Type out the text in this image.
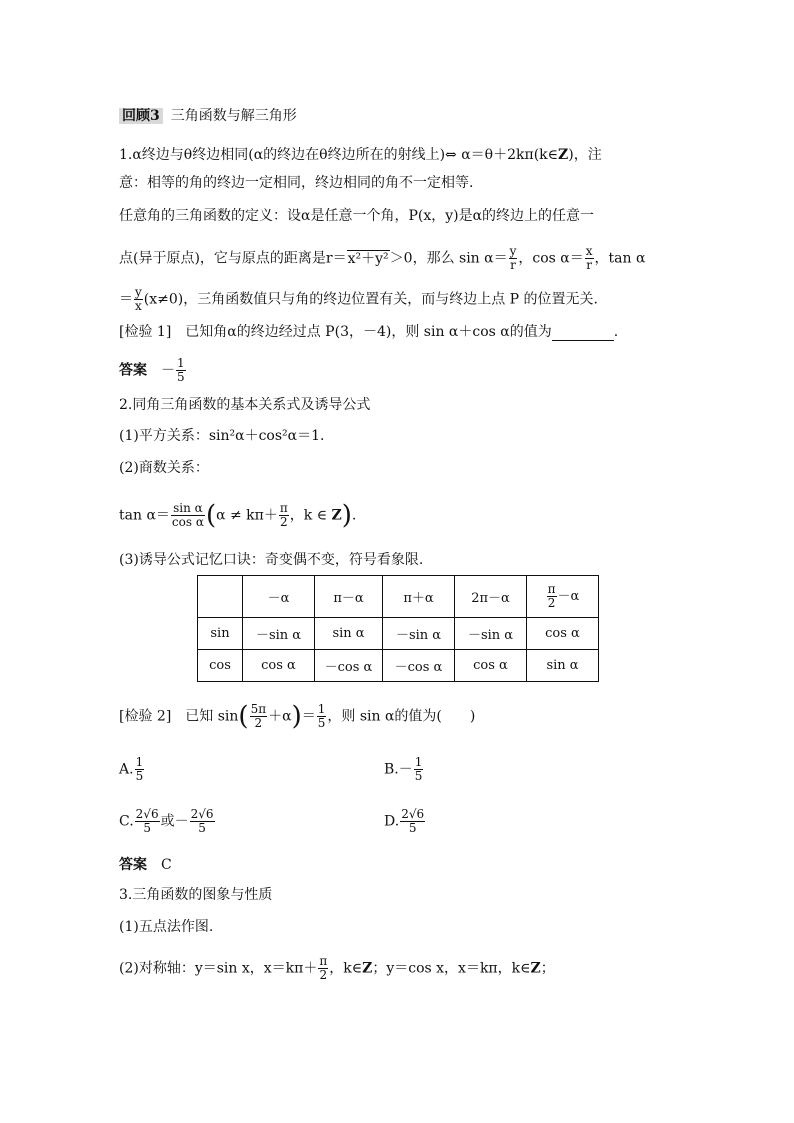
回顾3 三角函数与解三角形
1.α终边与θ终边相同(α的终边在θ终边所在的射线上)⇔ α＝θ＋2kπ(k∈Z)，注
意：相等的角的终边一定相同，终边相同的角不一定相等.
任意角的三角函数的定义：设α是任意一个角，P(x，y)是α的终边上的任意一
点(异于原点)，它与原点的距离是r＝x²＋y²＞0，那么 $\sin \alpha= \frac{y}{r}$ ，$\cos \alpha= \frac{x}{r}$ ，tan α
＝ $\frac{y}{x} (x\ne 0)$，三角函数值只与角的终边位置有关，而与终边上点 P 的位置无关.
[检验 1]　已知角α的终边经过点 P(3，－4)，则 sin α＋cos α的值为	.
答案　 － $\frac{1}{5}$
2.同角三角函数的基本关系式及诱导公式
(1)平方关系：sin²α＋cos²α＝1.
(2)商数关系：
$\tan \alpha= \frac{\text{sin α}}{\text{cos α}} (\alpha \ne k\pi+ \frac{\pi}{2}$ ，k ∈ Z).
(3)诱导公式记忆口诀：奇变偶不变，符号看象限.
	－α	π－α	π＋α	2π－α	$\frac{\pi}{2} -\alpha$
sin	－sin α	sin α	－sin α	－sin α	cos α
cos	cos α	－cos α	－cos α	cos α	sin α
[检验 2]　已知 $\sin( \frac{5\pi}{2} +\alpha)= \frac{1}{5}$ ，则 sin α的值为(　　)
A. $\frac{1}{5}$	$B.- \frac{1}{5}$
C. $\frac{2√6}{5}$ 或－ $\frac{2√6}{5}$	D. $\frac{2√6}{5}$
答案　 C
3.三角函数的图象与性质
(1)五点法作图.
(2)对称轴：y＝sin x，$x=k\pi+ \frac{\pi}{2}$ ，k∈Z；y＝cos x，x＝kπ，k∈Z；
